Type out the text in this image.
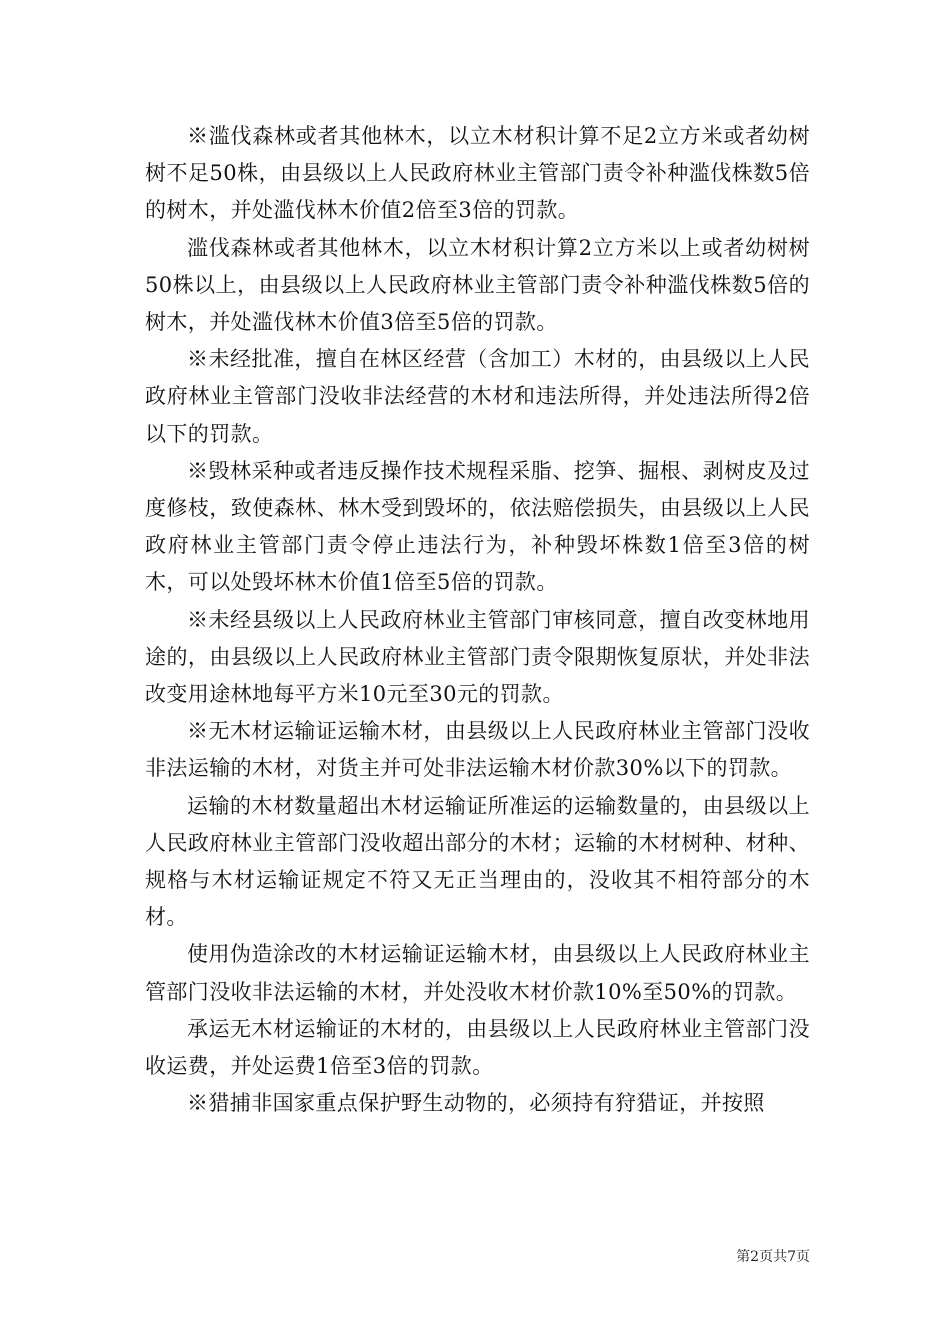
※滥伐森林或者其他林木，以立木材积计算不足2立方米或者幼树树不足50株，由县级以上人民政府林业主管部门责令补种滥伐株数5倍的树木，并处滥伐林木价值2倍至3倍的罚款。

滥伐森林或者其他林木，以立木材积计算2立方米以上或者幼树树50株以上，由县级以上人民政府林业主管部门责令补种滥伐株数5倍的树木，并处滥伐林木价值3倍至5倍的罚款。

※未经批准，擅自在林区经营（含加工）木材的，由县级以上人民政府林业主管部门没收非法经营的木材和违法所得，并处违法所得2倍以下的罚款。

※毁林采种或者违反操作技术规程采脂、挖笋、掘根、剥树皮及过度修枝，致使森林、林木受到毁坏的，依法赔偿损失，由县级以上人民政府林业主管部门责令停止违法行为，补种毁坏株数1倍至3倍的树木，可以处毁坏林木价值1倍至5倍的罚款。

※未经县级以上人民政府林业主管部门审核同意，擅自改变林地用途的，由县级以上人民政府林业主管部门责令限期恢复原状，并处非法改变用途林地每平方米10元至30元的罚款。

※无木材运输证运输木材，由县级以上人民政府林业主管部门没收非法运输的木材，对货主并可处非法运输木材价款30%以下的罚款。

运输的木材数量超出木材运输证所准运的运输数量的，由县级以上人民政府林业主管部门没收超出部分的木材；运输的木材树种、材种、规格与木材运输证规定不符又无正当理由的，没收其不相符部分的木材。

使用伪造涂改的木材运输证运输木材，由县级以上人民政府林业主管部门没收非法运输的木材，并处没收木材价款10%至50%的罚款。

承运无木材运输证的木材的，由县级以上人民政府林业主管部门没收运费，并处运费1倍至3倍的罚款。

※猎捕非国家重点保护野生动物的，必须持有狩猎证，并按照

第2页共7页
